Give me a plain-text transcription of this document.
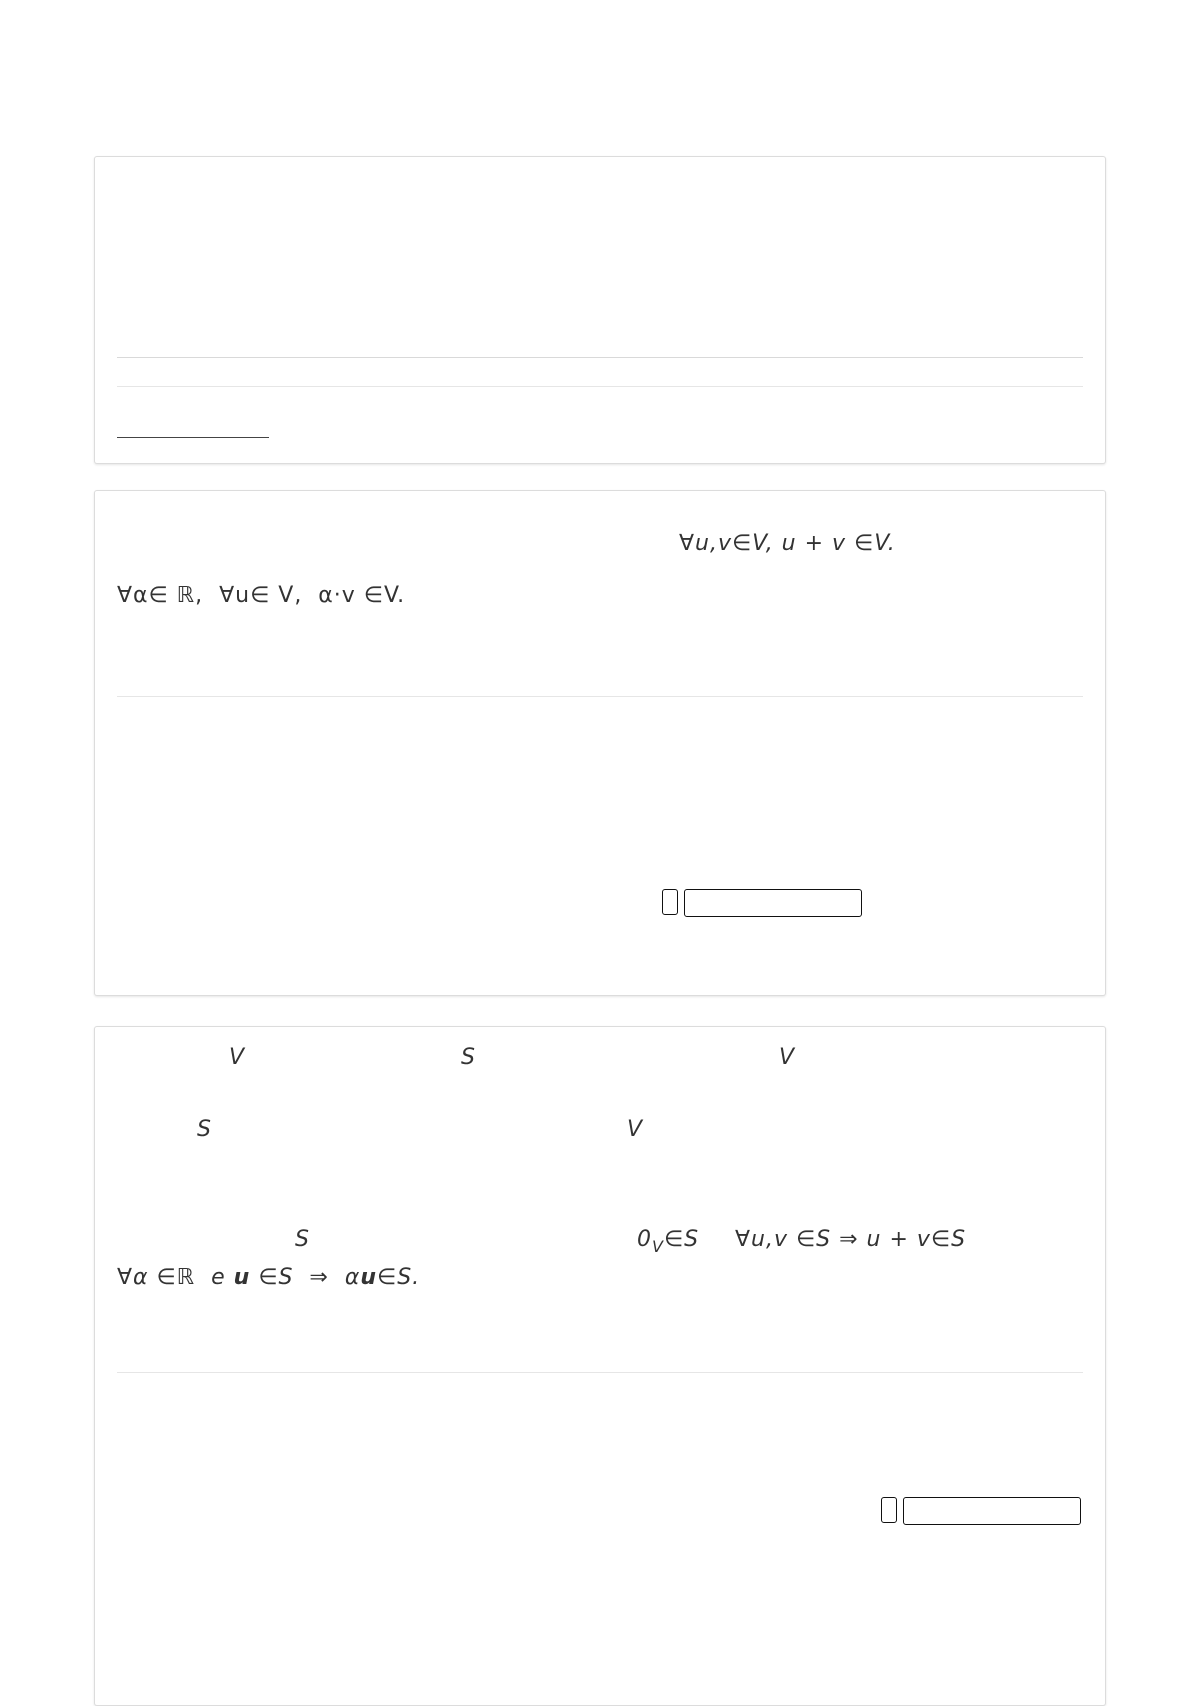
∀u,v∈V, u + v ∈V.
∀α∈ ℝ,  ∀u∈ V,  α·v ∈V.
V	S	V
S	V
S	$0_V\in S$ ∀u,v ∈S ⇒ u + v∈S
∀α ∈ℝ  e u ∈S  ⇒  αu∈S.
